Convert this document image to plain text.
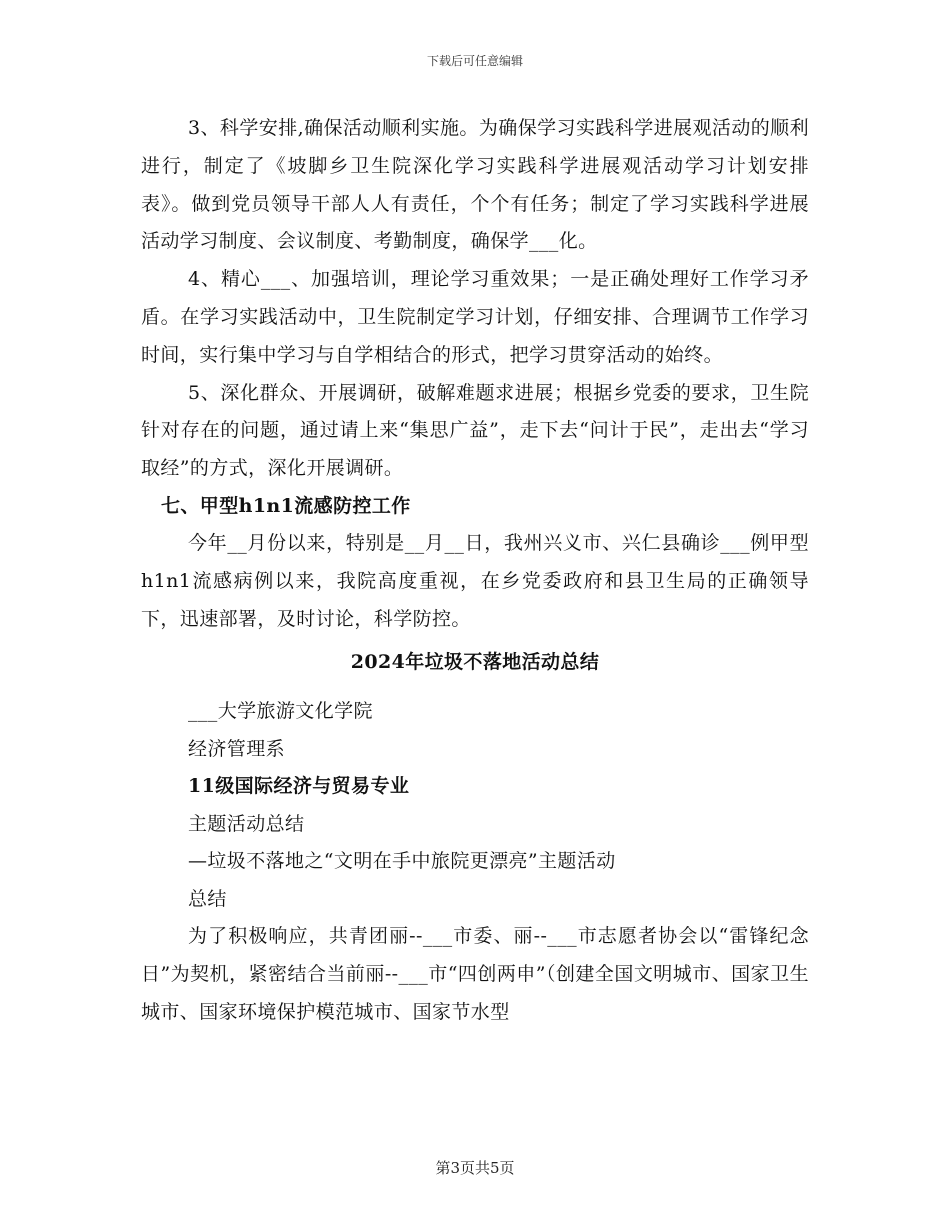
下载后可任意编辑

3、科学安排,确保活动顺利实施。为确保学习实践科学进展观活动的顺利进行，制定了《坡脚乡卫生院深化学习实践科学进展观活动学习计划安排表》。做到党员领导干部人人有责任，个个有任务；制定了学习实践科学进展活动学习制度、会议制度、考勤制度，确保学___化。

4、精心___、加强培训，理论学习重效果；一是正确处理好工作学习矛盾。在学习实践活动中，卫生院制定学习计划，仔细安排、合理调节工作学习时间，实行集中学习与自学相结合的形式，把学习贯穿活动的始终。

5、深化群众、开展调研，破解难题求进展；根据乡党委的要求，卫生院针对存在的问题，通过请上来“集思广益”，走下去“问计于民”，走出去“学习取经”的方式，深化开展调研。

七、甲型h1n1流感防控工作

今年__月份以来，特别是__月__日，我州兴义市、兴仁县确诊___例甲型h1n1流感病例以来，我院高度重视，在乡党委政府和县卫生局的正确领导下，迅速部署，及时讨论，科学防控。

2024年垃圾不落地活动总结

___大学旅游文化学院

经济管理系

11级国际经济与贸易专业

主题活动总结

—垃圾不落地之“文明在手中旅院更漂亮”主题活动

总结

为了积极响应，共青团丽--___市委、丽--___市志愿者协会以“雷锋纪念日”为契机，紧密结合当前丽--___市“四创两申”（创建全国文明城市、国家卫生城市、国家环境保护模范城市、国家节水型

第3页共5页
